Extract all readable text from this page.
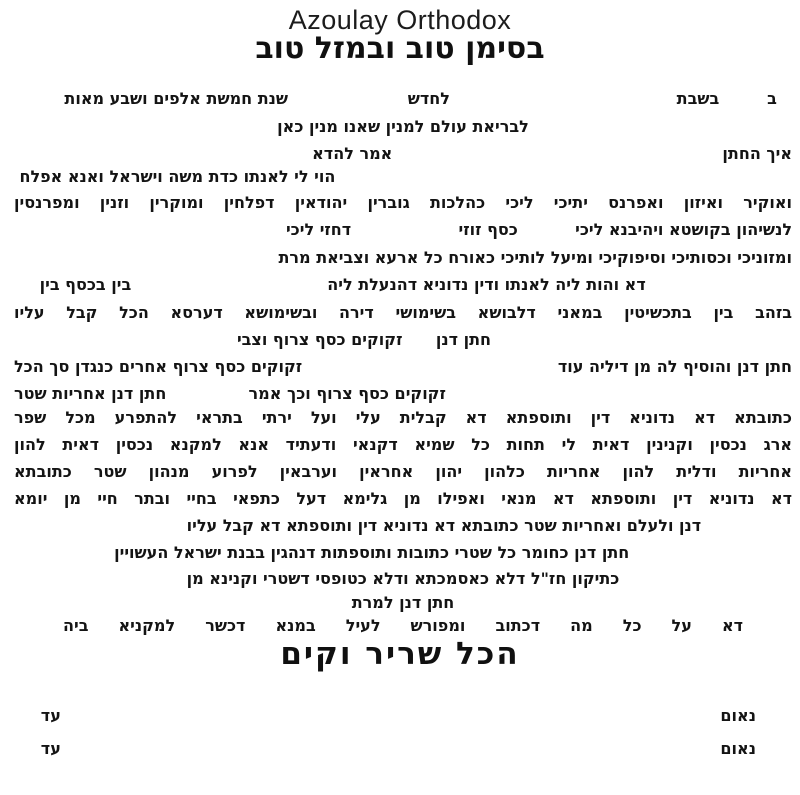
Azoulay Orthodox
בסימן טוב ובמזל טוב
ב
בשבת
לחדש
שנת חמשת אלפים ושבע מאות
לבריאת עולם למנין שאנו מנין כאן
איך החתן
אמר להדא
הוי לי לאנתו כדת משה וישראל ואנא אפלח
ואוקיר ואיזון ואפרנס יתיכי ליכי כהלכות גוברין יהודאין דפלחין ומוקרין וזנין ומפרנסין
לנשיהון בקושטא ויהיבנא ליכי
כסף זוזי
דחזי ליכי
ומזוניכי וכסותיכי וסיפוקיכי ומיעל לותיכי כאורח כל ארעא וצביאת מרת
דא והות ליה לאנתו ודין נדוניא דהנעלת ליה
בין בכסף בין
בזהב בין בתכשיטין במאני דלבושא בשימושי דירה ובשימושא דערסא הכל קבל עליו
חתן דנן
זקוקים כסף צרוף וצבי
חתן דנן והוסיף לה מן דיליה עוד
זקוקים כסף צרוף אחרים כנגדן סך הכל
זקוקים כסף צרוף וכך אמר
חתן דנן אחריות שטר
כתובתא דא נדוניא דין ותוספתא דא קבלית עלי ועל ירתי בתראי להתפרע מכל שפר
ארג נכסין וקנינין דאית לי תחות כל שמיא דקנאי ודעתיד אנא למקנא נכסין דאית להון
אחריות ודלית להון אחריות כלהון יהון אחראין וערבאין לפרוע מנהון שטר כתובתא
דא נדוניא דין ותוספתא דא מנאי ואפילו מן גלימא דעל כתפאי בחיי ובתר חיי מן יומא
דנן ולעלם ואחריות שטר כתובתא דא נדוניא דין ותוספתא דא קבל עליו
חתן דנן כחומר כל שטרי כתובות ותוספתות דנהגין בבנת ישראל העשויין
כתיקון חז"ל דלא כאסמכתא ודלא כטופסי דשטרי וקנינא מן
חתן דנן למרת
דא על כל מה דכתוב ומפורש לעיל במנא דכשר למקניא ביה
הכל שריר וקים
נאום
עד
נאום
עד
